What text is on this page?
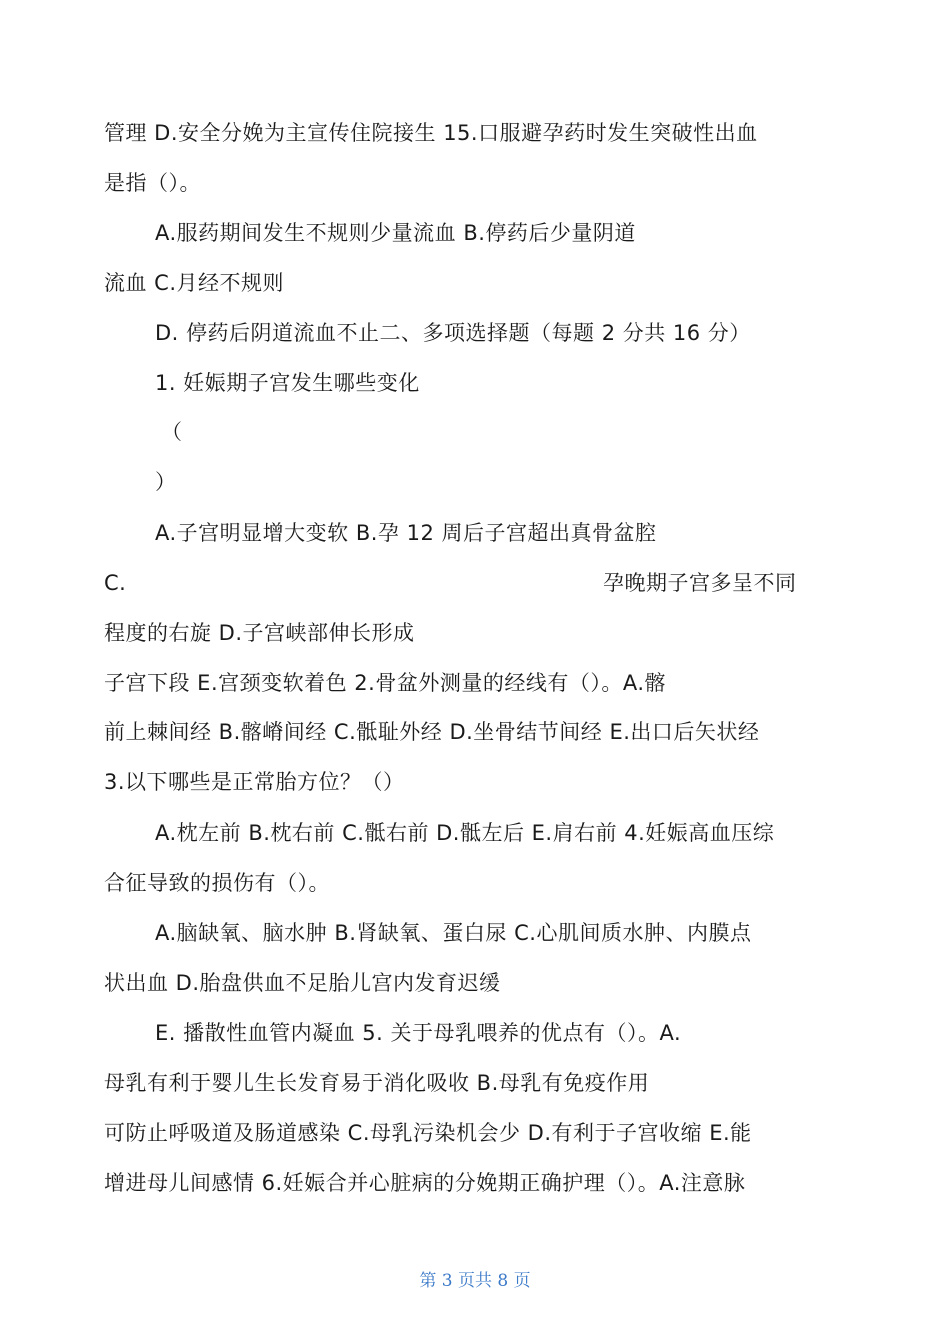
管理 D.安全分娩为主宣传住院接生 15.口服避孕药时发生突破性出血
是指（）。
A.服药期间发生不规则少量流血 B.停药后少量阴道
流血 C.月经不规则
D. 停药后阴道流血不止二、多项选择题（每题 2 分共 16 分）
1. 妊娠期子宫发生哪些变化
（
）
A.子宫明显增大变软 B.孕 12 周后子宫超出真骨盆腔
C.	孕晚期子宫多呈不同
程度的右旋 D.子宫峡部伸长形成
子宫下段 E.宫颈变软着色 2.骨盆外测量的经线有（）。A.髂
前上棘间经 B.髂嵴间经 C.骶耻外经 D.坐骨结节间经 E.出口后矢状经
3.以下哪些是正常胎方位？（）
A.枕左前 B.枕右前 C.骶右前 D.骶左后 E.肩右前 4.妊娠高血压综
合征导致的损伤有（）。
A.脑缺氧、脑水肿 B.肾缺氧、蛋白尿 C.心肌间质水肿、内膜点
状出血 D.胎盘供血不足胎儿宫内发育迟缓
E. 播散性血管内凝血 5. 关于母乳喂养的优点有（）。A.
母乳有利于婴儿生长发育易于消化吸收 B.母乳有免疫作用
可防止呼吸道及肠道感染 C.母乳污染机会少 D.有利于子宫收缩 E.能
增进母儿间感情 6.妊娠合并心脏病的分娩期正确护理（）。A.注意脉
第 3 页共 8 页
